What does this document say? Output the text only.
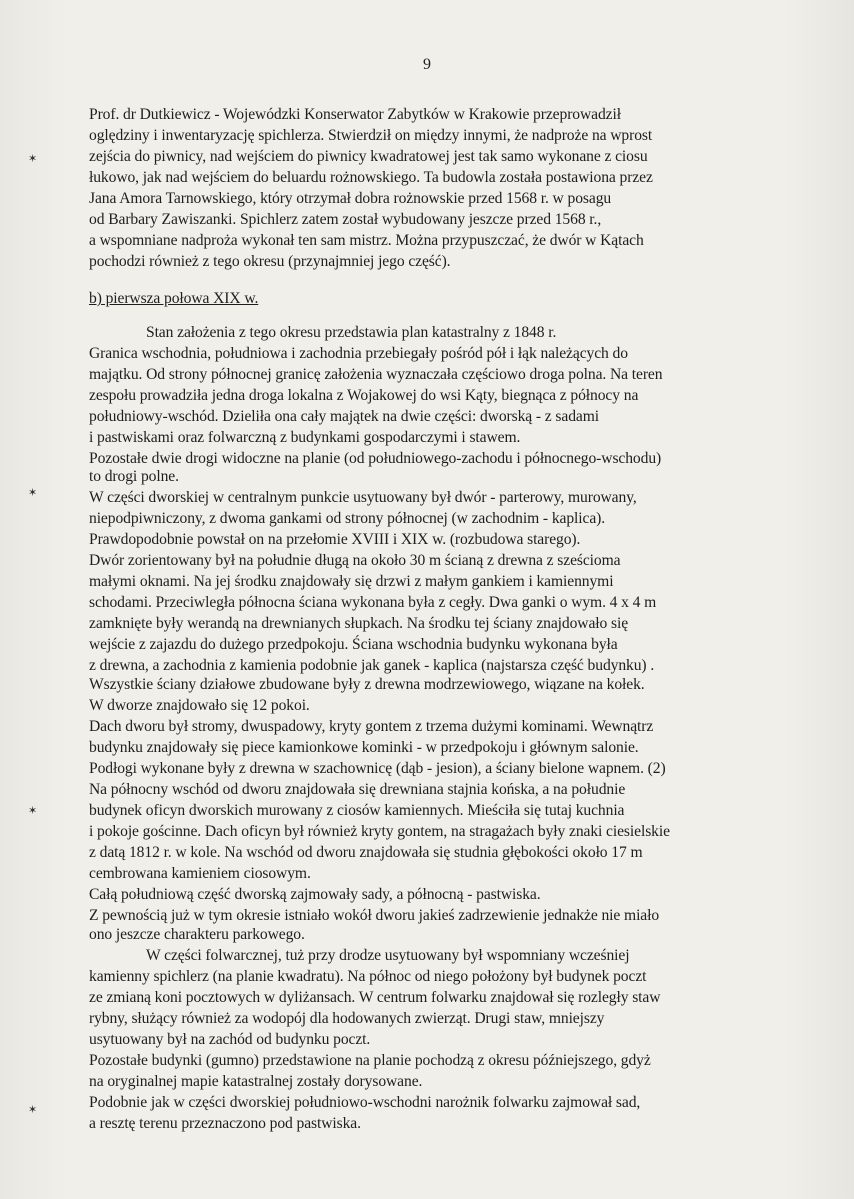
9
Prof. dr Dutkiewicz - Wojewódzki Konserwator Zabytków w Krakowie przeprowadził
oględziny i inwentaryzację spichlerza. Stwierdził on między innymi, że nadproże na wprost
zejścia do piwnicy, nad wejściem do piwnicy kwadratowej jest tak samo wykonane z ciosu
łukowo, jak nad wejściem do beluardu rożnowskiego. Ta budowla została postawiona przez
Jana Amora Tarnowskiego, który otrzymał dobra rożnowskie przed 1568 r. w posagu
od Barbary Zawiszanki. Spichlerz zatem został wybudowany jeszcze przed 1568 r.,
a wspomniane nadproża wykonał ten sam mistrz. Można przypuszczać, że dwór w Kątach
pochodzi również z tego okresu (przynajmniej jego część).
b) pierwsza połowa XIX w.
Stan założenia z tego okresu przedstawia plan katastralny z 1848 r.
Granica wschodnia, południowa i zachodnia przebiegały pośród pół i łąk należących do
majątku. Od strony północnej granicę założenia wyznaczała częściowo droga polna. Na teren
zespołu prowadziła jedna droga lokalna z Wojakowej do wsi Kąty, biegnąca z północy na
południowy-wschód. Dzieliła ona cały majątek na dwie części: dworską - z sadami
i pastwiskami oraz folwarczną z budynkami gospodarczymi i stawem.
Pozostałe dwie drogi widoczne na planie (od południowego-zachodu i północnego-wschodu)
to drogi polne.
W części dworskiej w centralnym punkcie usytuowany był dwór - parterowy, murowany,
niepodpiwniczony, z dwoma gankami od strony północnej (w zachodnim - kaplica).
Prawdopodobnie powstał on na przełomie XVIII i XIX w. (rozbudowa starego).
Dwór zorientowany był na południe długą na około 30 m ścianą z drewna z sześcioma
małymi oknami. Na jej środku znajdowały się drzwi z małym gankiem i kamiennymi
schodami. Przeciwległa północna ściana wykonana była z cegły. Dwa ganki o wym. 4 x 4 m
zamknięte były werandą na drewnianych słupkach. Na środku tej ściany znajdowało się
wejście z zajazdu do dużego przedpokoju. Ściana wschodnia budynku wykonana była
z drewna, a zachodnia z kamienia podobnie jak ganek - kaplica (najstarsza część budynku) .
Wszystkie ściany działowe zbudowane były z drewna modrzewiowego, wiązane na kołek.
W dworze znajdowało się 12 pokoi.
Dach dworu był stromy, dwuspadowy, kryty gontem z trzema dużymi kominami. Wewnątrz
budynku znajdowały się piece kamionkowe kominki - w przedpokoju i głównym salonie.
Podłogi wykonane były z drewna w szachownicę (dąb - jesion), a ściany bielone wapnem. (2)
Na północny wschód od dworu znajdowała się drewniana stajnia końska, a na południe
budynek oficyn dworskich murowany z ciosów kamiennych. Mieściła się tutaj kuchnia
i pokoje gościnne. Dach oficyn był również kryty gontem, na stragażach były znaki ciesielskie
z datą 1812 r. w kole. Na wschód od dworu znajdowała się studnia głębokości około 17 m
cembrowana kamieniem ciosowym.
Całą południową część dworską zajmowały sady, a północną - pastwiska.
Z pewnością już w tym okresie istniało wokół dworu jakieś zadrzewienie jednakże nie miało
ono jeszcze charakteru parkowego.
W części folwarcznej, tuż przy drodze usytuowany był wspomniany wcześniej
kamienny spichlerz (na planie kwadratu). Na północ od niego położony był budynek poczt
ze zmianą koni pocztowych w dyliżansach. W centrum folwarku znajdował się rozległy staw
rybny, służący również za wodopój dla hodowanych zwierząt. Drugi staw, mniejszy
usytuowany był na zachód od budynku poczt.
Pozostałe budynki (gumno) przedstawione na planie pochodzą z okresu późniejszego, gdyż
na oryginalnej mapie katastralnej zostały dorysowane.
Podobnie jak w części dworskiej południowo-wschodni narożnik folwarku zajmował sad,
a resztę terenu przeznaczono pod pastwiska.
✶
✶
✶
✶
